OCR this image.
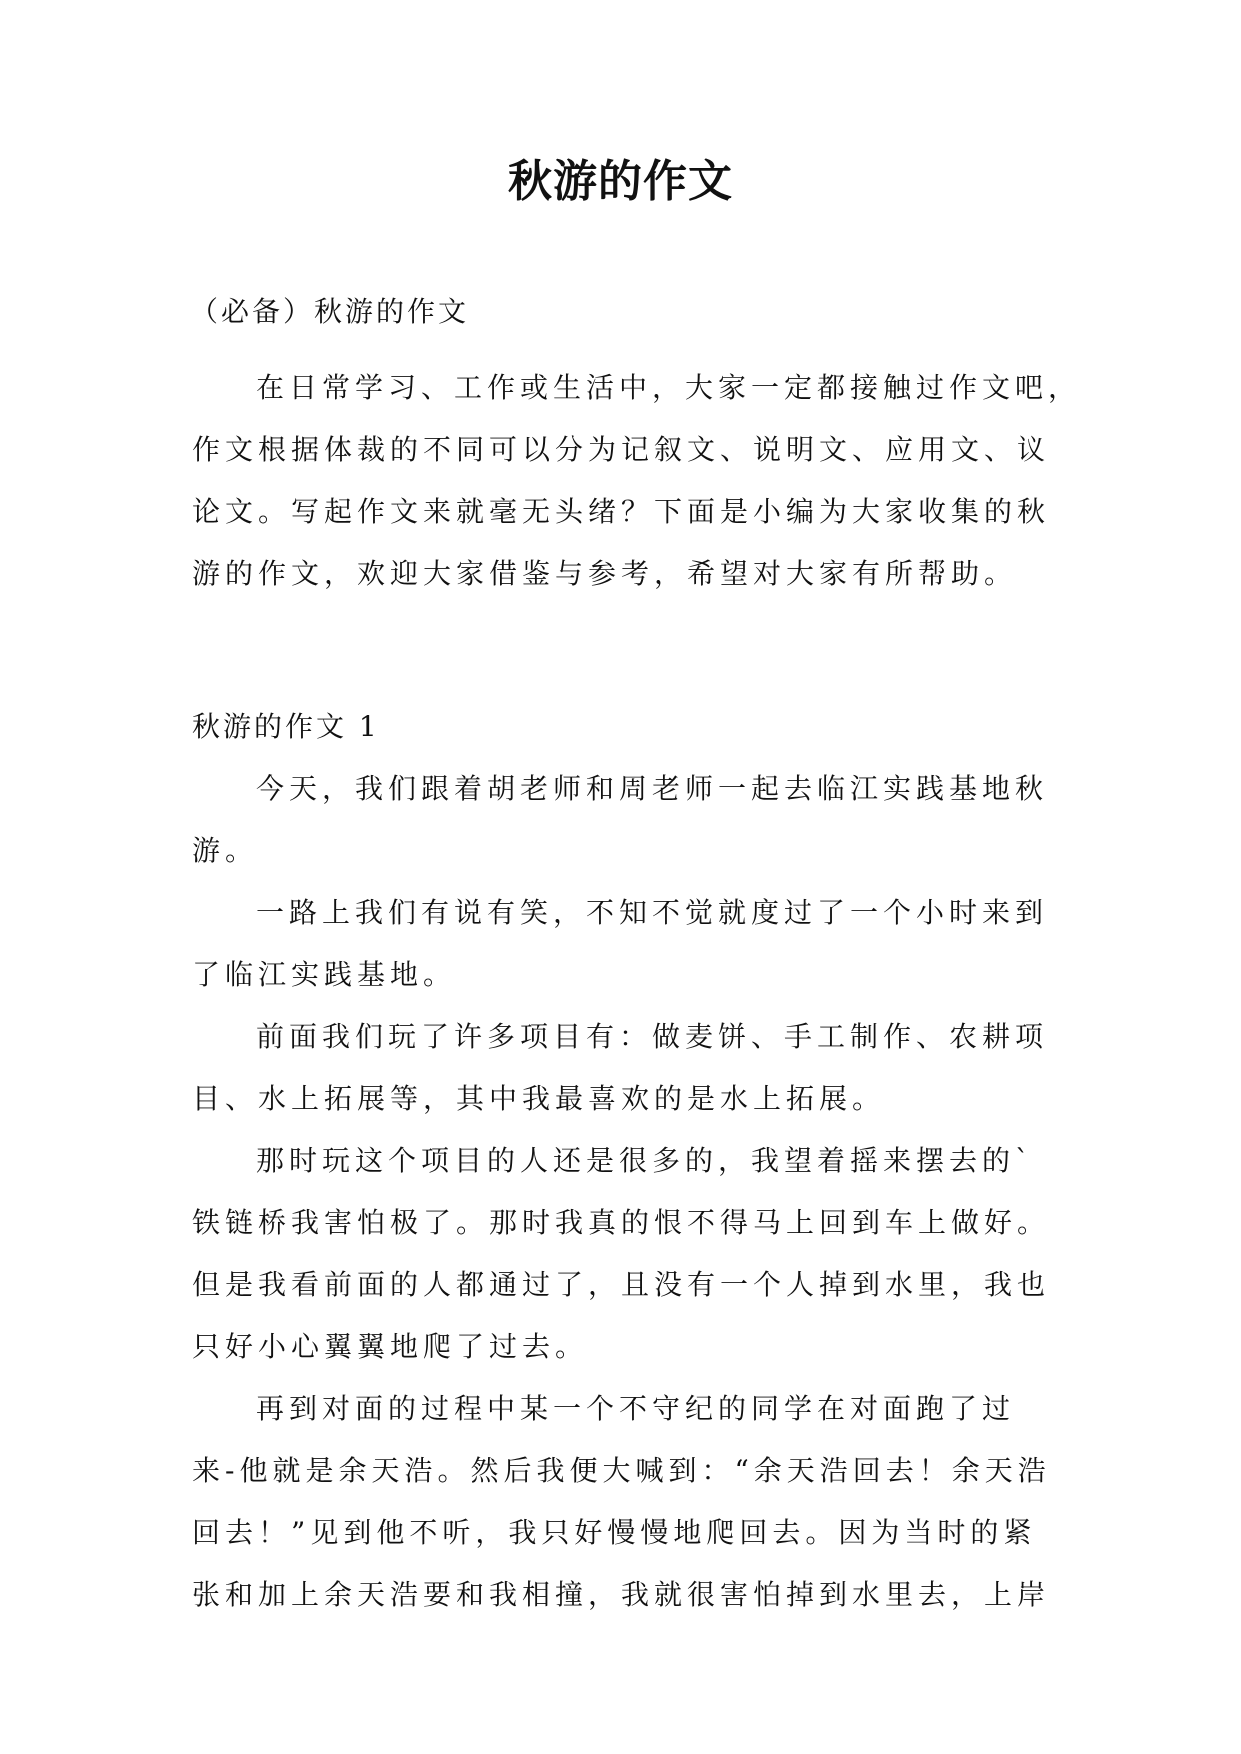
秋游的作文
（必备）秋游的作文
在日常学习、工作或生活中，大家一定都接触过作文吧，
作文根据体裁的不同可以分为记叙文、说明文、应用文、议
论文。写起作文来就毫无头绪？下面是小编为大家收集的秋
游的作文，欢迎大家借鉴与参考，希望对大家有所帮助。
秋游的作文 1
今天，我们跟着胡老师和周老师一起去临江实践基地秋
游。
一路上我们有说有笑，不知不觉就度过了一个小时来到
了临江实践基地。
前面我们玩了许多项目有：做麦饼、手工制作、农耕项
目、水上拓展等，其中我最喜欢的是水上拓展。
那时玩这个项目的人还是很多的，我望着摇来摆去的`
铁链桥我害怕极了。那时我真的恨不得马上回到车上做好。
但是我看前面的人都通过了，且没有一个人掉到水里，我也
只好小心翼翼地爬了过去。
再到对面的过程中某一个不守纪的同学在对面跑了过
来-他就是余天浩。然后我便大喊到：“余天浩回去！余天浩
回去！”见到他不听，我只好慢慢地爬回去。因为当时的紧
张和加上余天浩要和我相撞，我就很害怕掉到水里去，上岸
